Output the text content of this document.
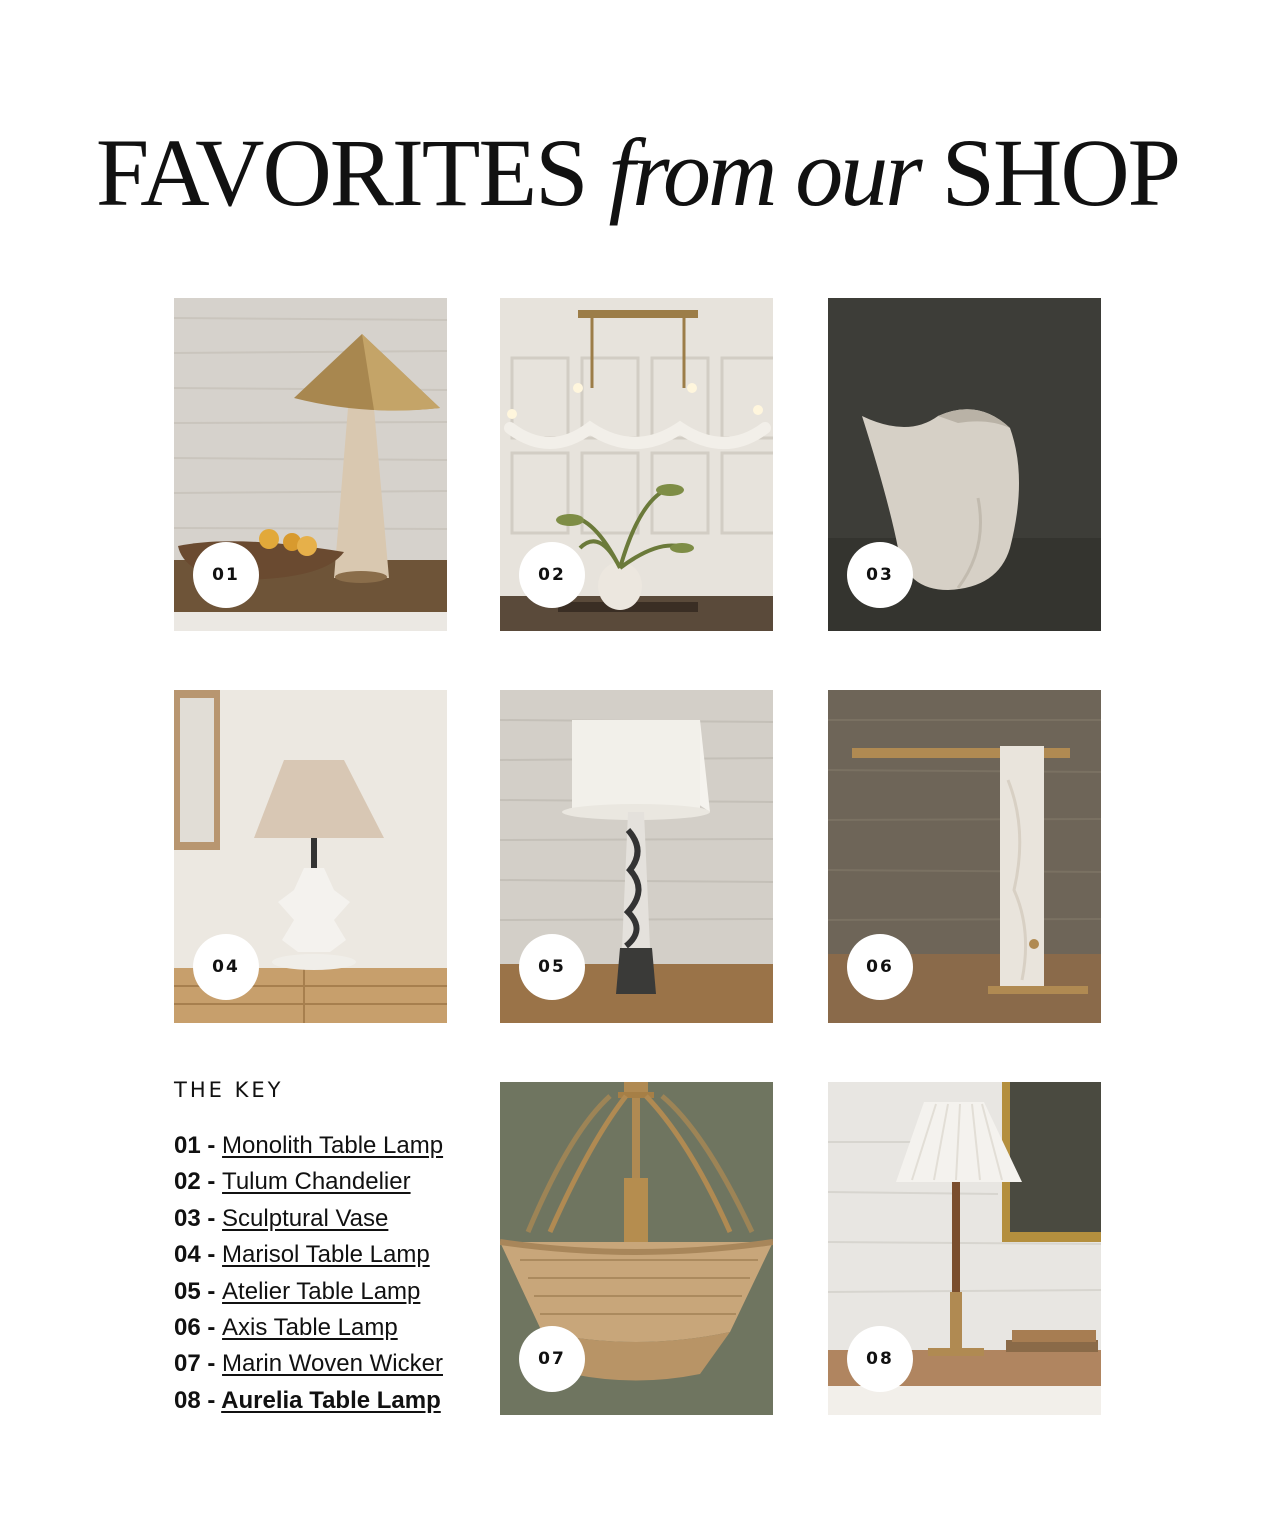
FAVORITES from our SHOP
01	02	03
04	05	06
THE KEY
01 - Monolith Table Lamp
02 - Tulum Chandelier
03 - Sculptural Vase
04 - Marisol Table Lamp
05 - Atelier Table Lamp
06 - Axis Table Lamp
07 - Marin Woven Wicker
08 - Aurelia Table Lamp
07	08
